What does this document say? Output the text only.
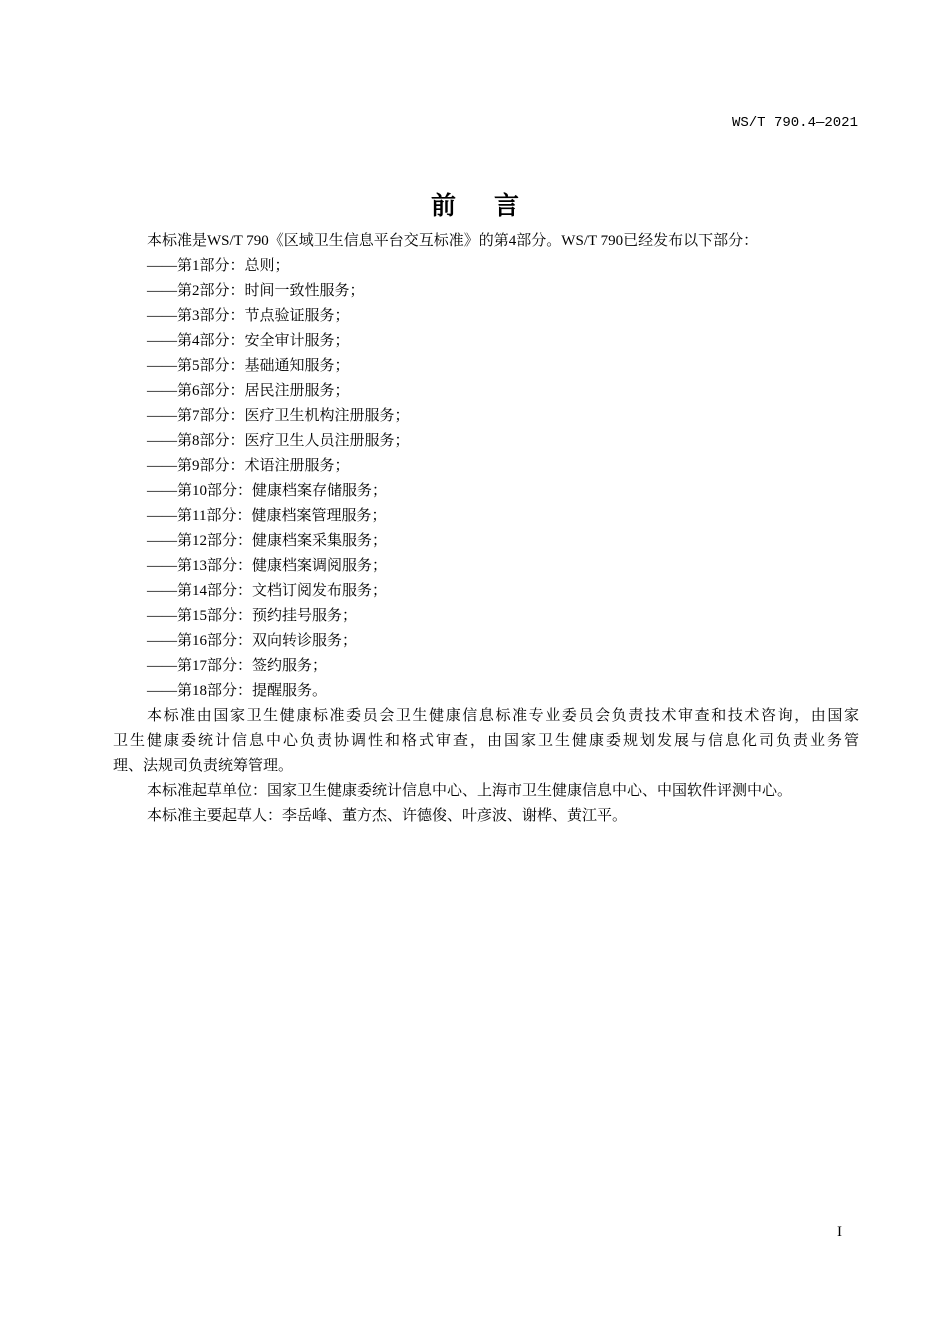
WS/T 790.4—2021
前言
本标准是WS/T 790《区域卫生信息平台交互标准》的第4部分。WS/T 790已经发布以下部分：
——第1部分：总则；
——第2部分：时间一致性服务；
——第3部分：节点验证服务；
——第4部分：安全审计服务；
——第5部分：基础通知服务；
——第6部分：居民注册服务；
——第7部分：医疗卫生机构注册服务；
——第8部分：医疗卫生人员注册服务；
——第9部分：术语注册服务；
——第10部分：健康档案存储服务；
——第11部分：健康档案管理服务；
——第12部分：健康档案采集服务；
——第13部分：健康档案调阅服务；
——第14部分：文档订阅发布服务；
——第15部分：预约挂号服务；
——第16部分：双向转诊服务；
——第17部分：签约服务；
——第18部分：提醒服务。
本标准由国家卫生健康标准委员会卫生健康信息标准专业委员会负责技术审查和技术咨询，由国家
卫生健康委统计信息中心负责协调性和格式审查，由国家卫生健康委规划发展与信息化司负责业务管
理、法规司负责统筹管理。
本标准起草单位：国家卫生健康委统计信息中心、上海市卫生健康信息中心、中国软件评测中心。
本标准主要起草人：李岳峰、董方杰、许德俊、叶彦波、谢桦、黄江平。
I
